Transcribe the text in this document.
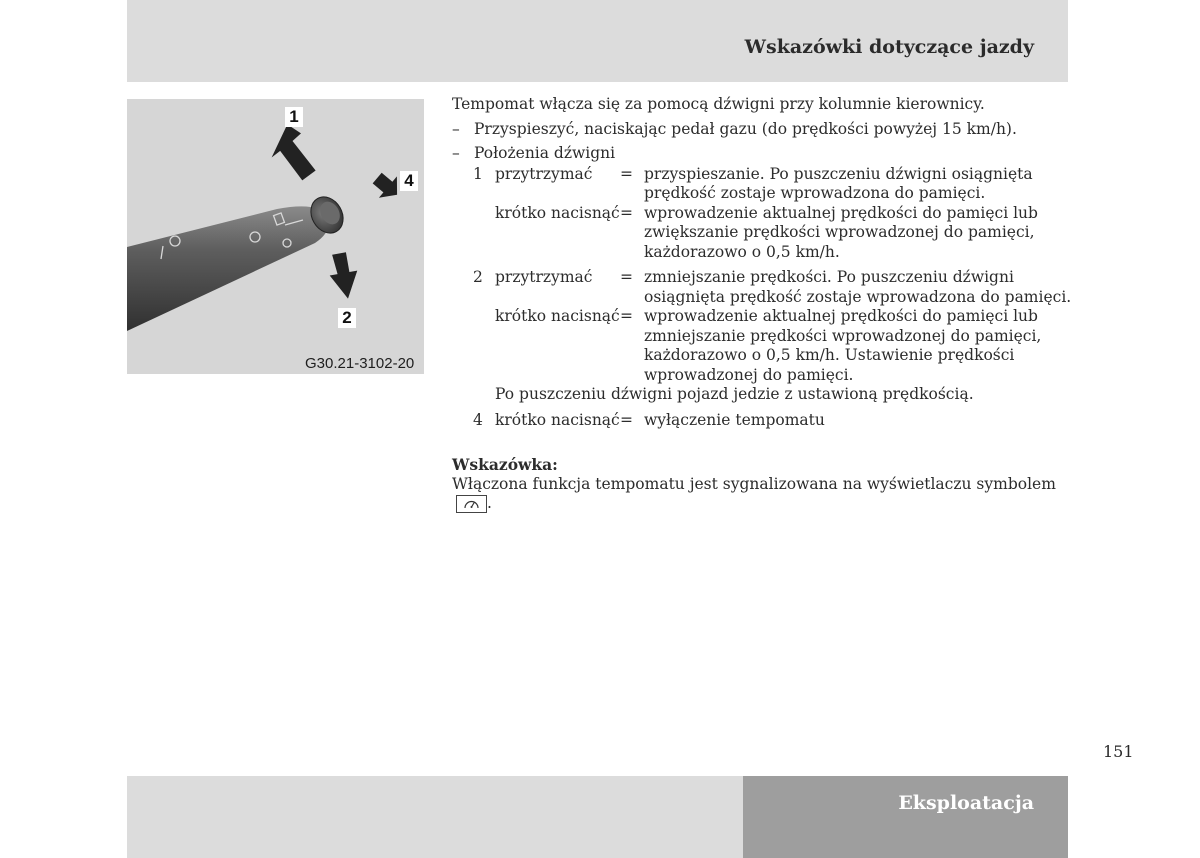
Wskazówki dotyczące jazdy
1
2
4

G30.21-3102-20

Tempomat włącza się za pomocą dźwigni przy kolumnie kierownicy.

– Przyspieszyć, naciskając pedał gazu (do prędkości powyżej 15 km/h).
– Położenia dźwigni
1 przytrzymać	= przyspieszanie. Po puszczeniu dźwigni osiągnięta prędkość zostaje wprowadzona do pamięci.
krótko nacisnąć = wprowadzenie aktualnej prędkości do pamięci lub zwiększanie prędkości wprowadzonej do pamięci, każdorazowo o 0,5 km/h.
2 przytrzymać	= zmniejszanie prędkości. Po puszczeniu dźwigni osiągnięta prędkość zostaje wprowadzona do pamięci.
krótko nacisnąć = wprowadzenie aktualnej prędkości do pamięci lub zmniejszanie prędkości wprowadzonej do pamięci, każdorazowo o 0,5 km/h. Ustawienie prędkości wprowadzonej do pamięci.

Po puszczeniu dźwigni pojazd jedzie z ustawioną prędkością.

4 krótko nacisnąć = wyłączenie tempomatu

Wskazówka:

Włączona funkcja tempomatu jest sygnalizowana na wyświetlaczu symbolem.

151

Eksploatacja
